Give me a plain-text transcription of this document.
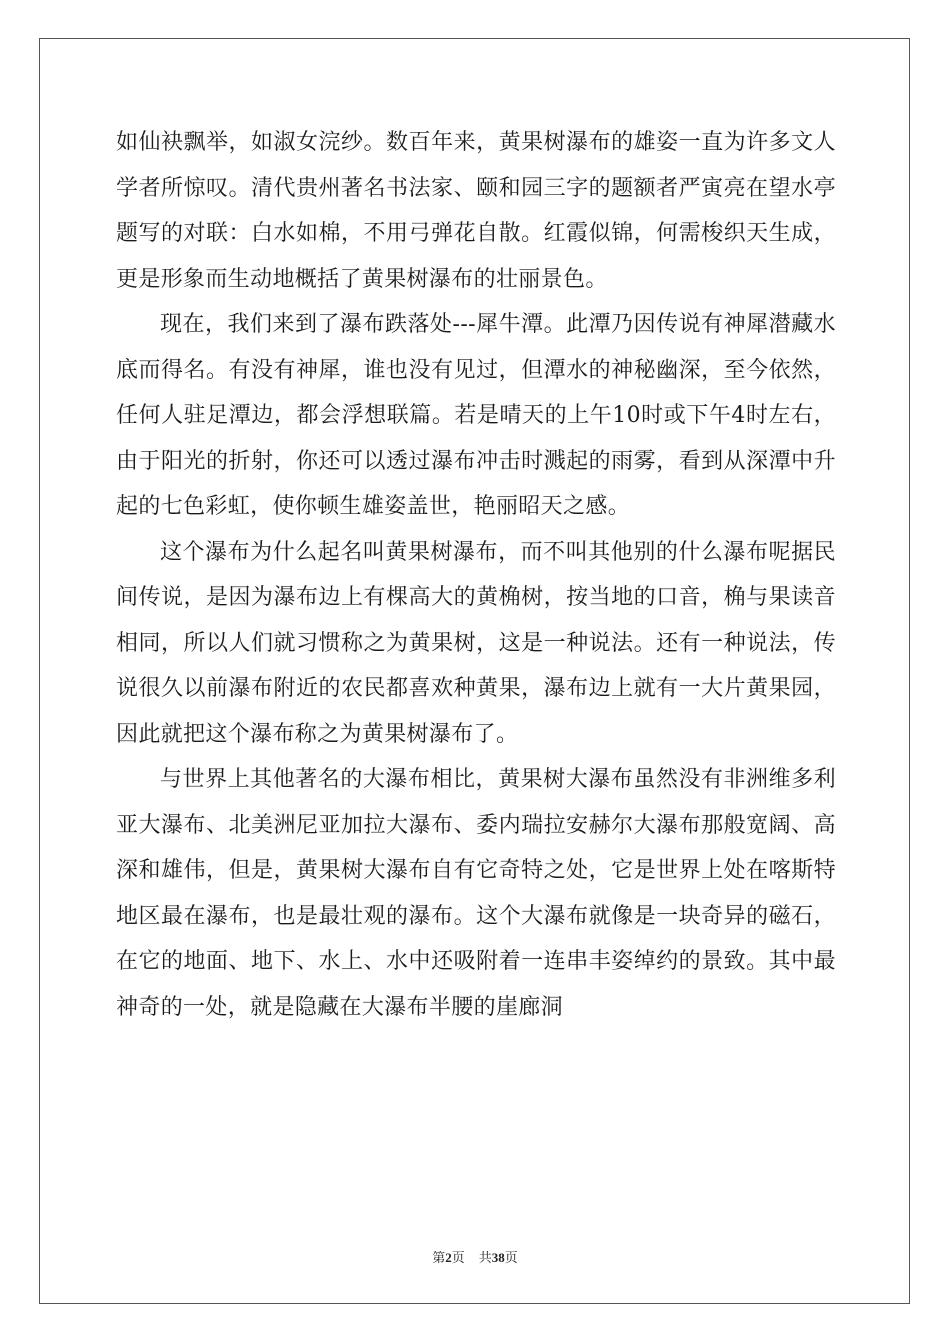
如仙袂飘举，如淑女浣纱。数百年来，黄果树瀑布的雄姿一直为许多文人学者所惊叹。清代贵州著名书法家、颐和园三字的题额者严寅亮在望水亭题写的对联：白水如棉，不用弓弹花自散。红霞似锦，何需梭织天生成，更是形象而生动地概括了黄果树瀑布的壮丽景色。

现在，我们来到了瀑布跌落处---犀牛潭。此潭乃因传说有神犀潜藏水底而得名。有没有神犀，谁也没有见过，但潭水的神秘幽深，至今依然，任何人驻足潭边，都会浮想联篇。若是晴天的上午10时或下午4时左右，由于阳光的折射，你还可以透过瀑布冲击时溅起的雨雾，看到从深潭中升起的七色彩虹，使你顿生雄姿盖世，艳丽昭天之感。

这个瀑布为什么起名叫黄果树瀑布，而不叫其他别的什么瀑布呢据民间传说，是因为瀑布边上有棵高大的黄桷树，按当地的口音，桷与果读音相同，所以人们就习惯称之为黄果树，这是一种说法。还有一种说法，传说很久以前瀑布附近的农民都喜欢种黄果，瀑布边上就有一大片黄果园，因此就把这个瀑布称之为黄果树瀑布了。

与世界上其他著名的大瀑布相比，黄果树大瀑布虽然没有非洲维多利亚大瀑布、北美洲尼亚加拉大瀑布、委内瑞拉安赫尔大瀑布那般宽阔、高深和雄伟，但是，黄果树大瀑布自有它奇特之处，它是世界上处在喀斯特地区最在瀑布，也是最壮观的瀑布。这个大瀑布就像是一块奇异的磁石，在它的地面、地下、水上、水中还吸附着一连串丰姿绰约的景致。其中最神奇的一处，就是隐藏在大瀑布半腰的崖廊洞

第2页 共38页
